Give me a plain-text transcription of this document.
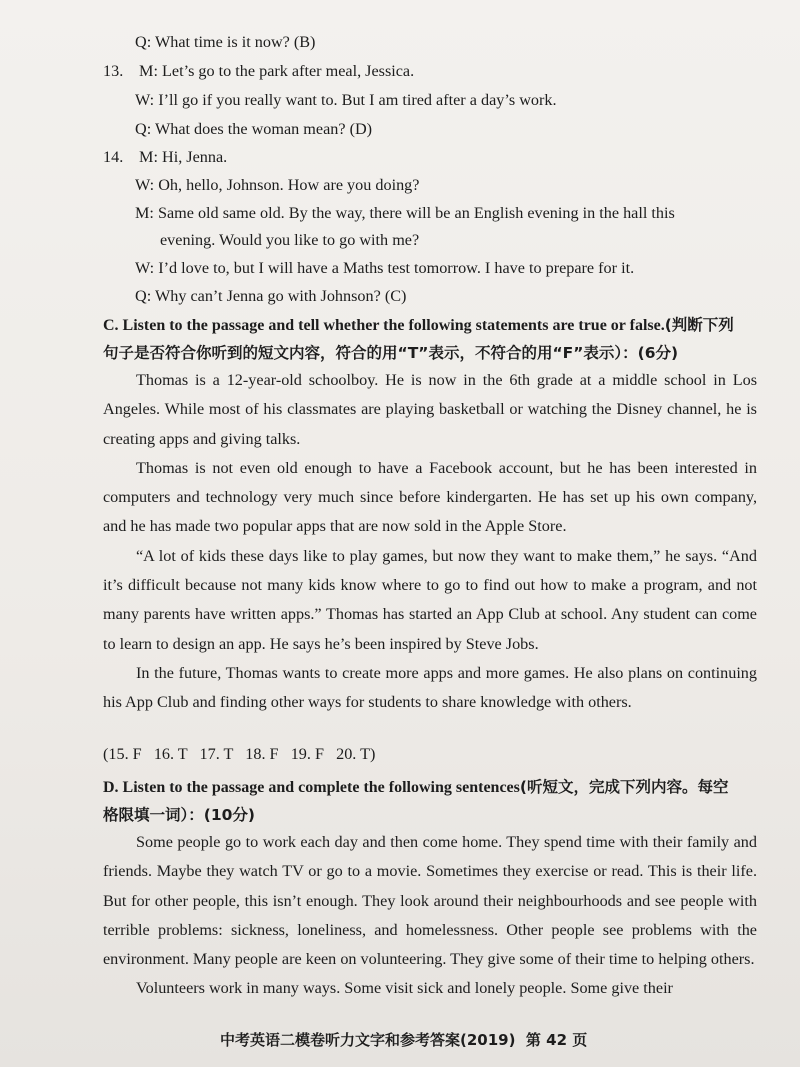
Q: What time is it now? (B)
13. M: Let’s go to the park after meal, Jessica.
W: I’ll go if you really want to. But I am tired after a day’s work.
Q: What does the woman mean? (D)
14. M: Hi, Jenna.
W: Oh, hello, Johnson. How are you doing?
M: Same old same old. By the way, there will be an English evening in the hall this
evening. Would you like to go with me?
W: I’d love to, but I will have a Maths test tomorrow. I have to prepare for it.
Q: Why can’t Jenna go with Johnson? (C)
C. Listen to the passage and tell whether the following statements are true or false.(判断下列
句子是否符合你听到的短文内容，符合的用“T”表示，不符合的用“F”表示）：(6分)

Thomas is a 12-year-old schoolboy. He is now in the 6th grade at a middle school in Los Angeles. While most of his classmates are playing basketball or watching the Disney channel, he is creating apps and giving talks.

Thomas is not even old enough to have a Facebook account, but he has been interested in computers and technology very much since before kindergarten. He has set up his own company, and he has made two popular apps that are now sold in the Apple Store.

“A lot of kids these days like to play games, but now they want to make them,” he says. “And it’s difficult because not many kids know where to go to find out how to make a program, and not many parents have written apps.” Thomas has started an App Club at school. Any student can come to learn to design an app. He says he’s been inspired by Steve Jobs.

In the future, Thomas wants to create more apps and more games. He also plans on continuing his App Club and finding other ways for students to share knowledge with others.

(15. F   16. T   17. T   18. F   19. F   20. T)
D. Listen to the passage and complete the following sentences(听短文，完成下列内容。每空
格限填一词）：(10分)

Some people go to work each day and then come home. They spend time with their family and friends. Maybe they watch TV or go to a movie. Sometimes they exercise or read. This is their life. But for other people, this isn’t enough. They look around their neighbourhoods and see people with terrible problems: sickness, loneliness, and homelessness. Other people see problems with the environment. Many people are keen on volunteering. They give some of their time to helping others.

Volunteers work in many ways. Some visit sick and lonely people. Some give their

中考英语二模卷听力文字和参考答案(2019)  第 42 页
